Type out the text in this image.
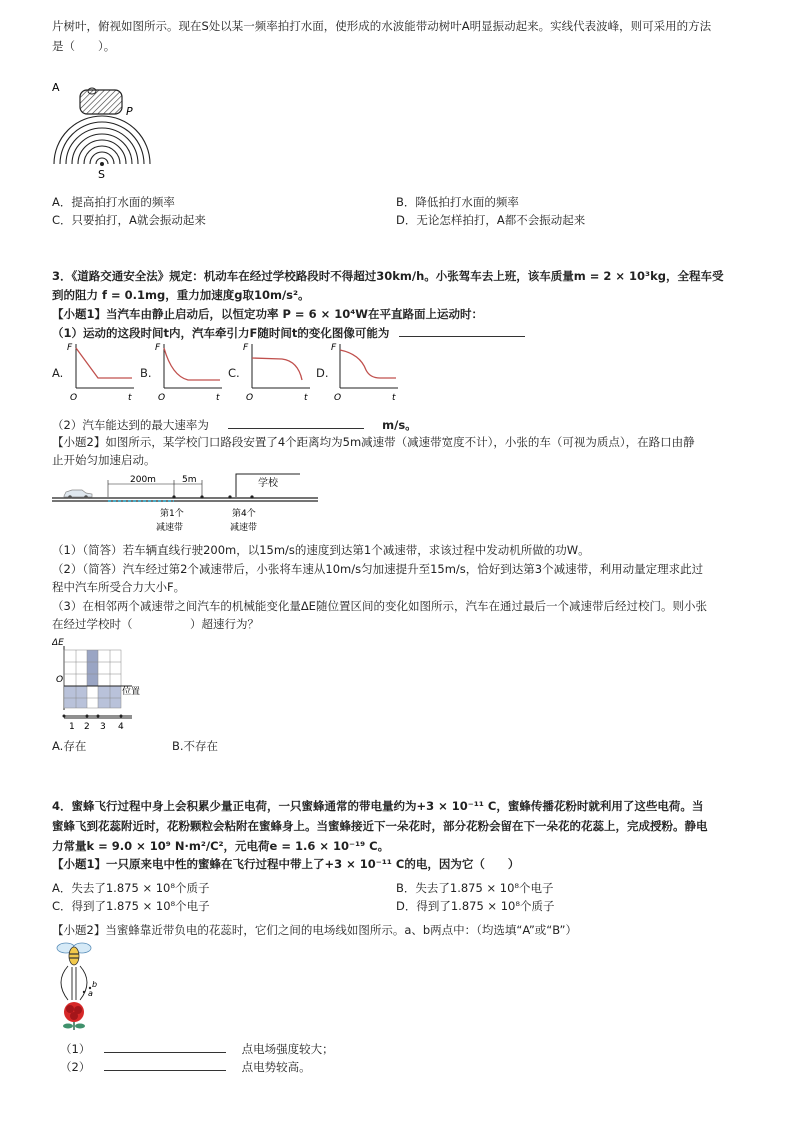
片树叶，俯视如图所示。现在S处以某一频率拍打水面，使形成的水波能带动树叶A明显振动起来。实线代表波峰，则可采用的方法
是（　　）。
A
P
S
A．提高拍打水面的频率	B．降低拍打水面的频率
C．只要拍打，A就会振动起来	D．无论怎样拍打，A都不会振动起来
3．《道路交通安全法》规定：机动车在经过学校路段时不得超过30km/h。小张驾车去上班，该车质量m = 2 × 10³kg，全程车受
到的阻力 f = 0.1mg，重力加速度g取10m/s²。
【小题1】当汽车由静止启动后，以恒定功率 P = 6 × 10⁴W在平直路面上运动时：
（1）运动的这段时间t内，汽车牵引力F随时间t的变化图像可能为
A.	B.	C.	D.
F
O	t
F
O	t
F
O	t
F
O	t
（2）汽车能达到的最大速率为	m/s。
【小题2】如图所示，某学校门口路段安置了4个距离均为5m减速带（减速带宽度不计），小张的车（可视为质点），在路口由静
止开始匀加速启动。
200m	5m	学校
第1个
减速带
第4个
减速带
（1）（简答）若车辆直线行驶200m，以15m/s的速度到达第1个减速带，求该过程中发动机所做的功W。
（2）（简答）汽车经过第2个减速带后，小张将车速从10m/s匀加速提升至15m/s，恰好到达第3个减速带，利用动量定理求此过
程中汽车所受合力大小F。
（3）在相邻两个减速带之间汽车的机械能变化量ΔE随位置区间的变化如图所示，汽车在通过最后一个减速带后经过校门。则小张
在经过学校时（　　　　　）超速行为？
ΔE
O
位置
1 2 3 4
A.存在	B.不存在
4．蜜蜂飞行过程中身上会积累少量正电荷，一只蜜蜂通常的带电量约为+3 × 10⁻¹¹ C，蜜蜂传播花粉时就利用了这些电荷。当
蜜蜂飞到花蕊附近时，花粉颗粒会粘附在蜜蜂身上。当蜜蜂接近下一朵花时，部分花粉会留在下一朵花的花蕊上，完成授粉。静电
力常量k = 9.0 × 10⁹ N·m²/C²，元电荷e = 1.6 × 10⁻¹⁹ C。
【小题1】一只原来电中性的蜜蜂在飞行过程中带上了+3 × 10⁻¹¹ C的电，因为它（　　）
A．失去了1.875 × 10⁸个质子	B．失去了1.875 × 10⁸个电子
C．得到了1.875 × 10⁸个电子	D．得到了1.875 × 10⁸个质子
【小题2】当蜜蜂靠近带负电的花蕊时，它们之间的电场线如图所示。a、b两点中：（均选填“A”或“B”）
b
a
（1）	点电场强度较大；
（2）	点电势较高。
